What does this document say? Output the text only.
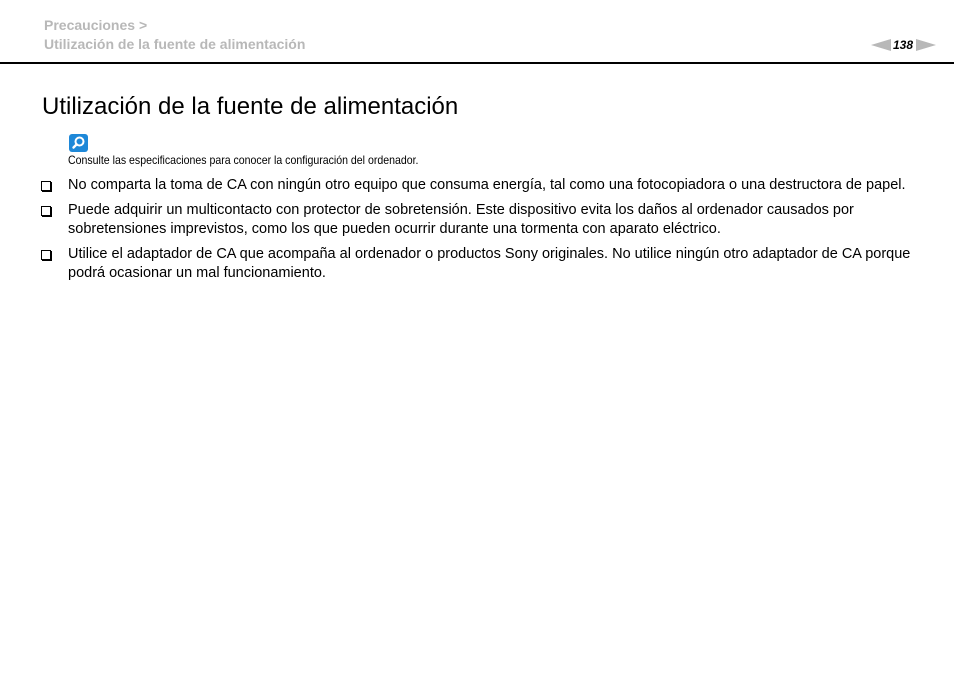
Precauciones >
Utilización de la fuente de alimentación	138
Utilización de la fuente de alimentación
Consulte las especificaciones para conocer la configuración del ordenador.
No comparta la toma de CA con ningún otro equipo que consuma energía, tal como una fotocopiadora o una destructora de papel.
Puede adquirir un multicontacto con protector de sobretensión. Este dispositivo evita los daños al ordenador causados por sobretensiones imprevistos, como los que pueden ocurrir durante una tormenta con aparato eléctrico.
Utilice el adaptador de CA que acompaña al ordenador o productos Sony originales. No utilice ningún otro adaptador de CA porque podrá ocasionar un mal funcionamiento.
